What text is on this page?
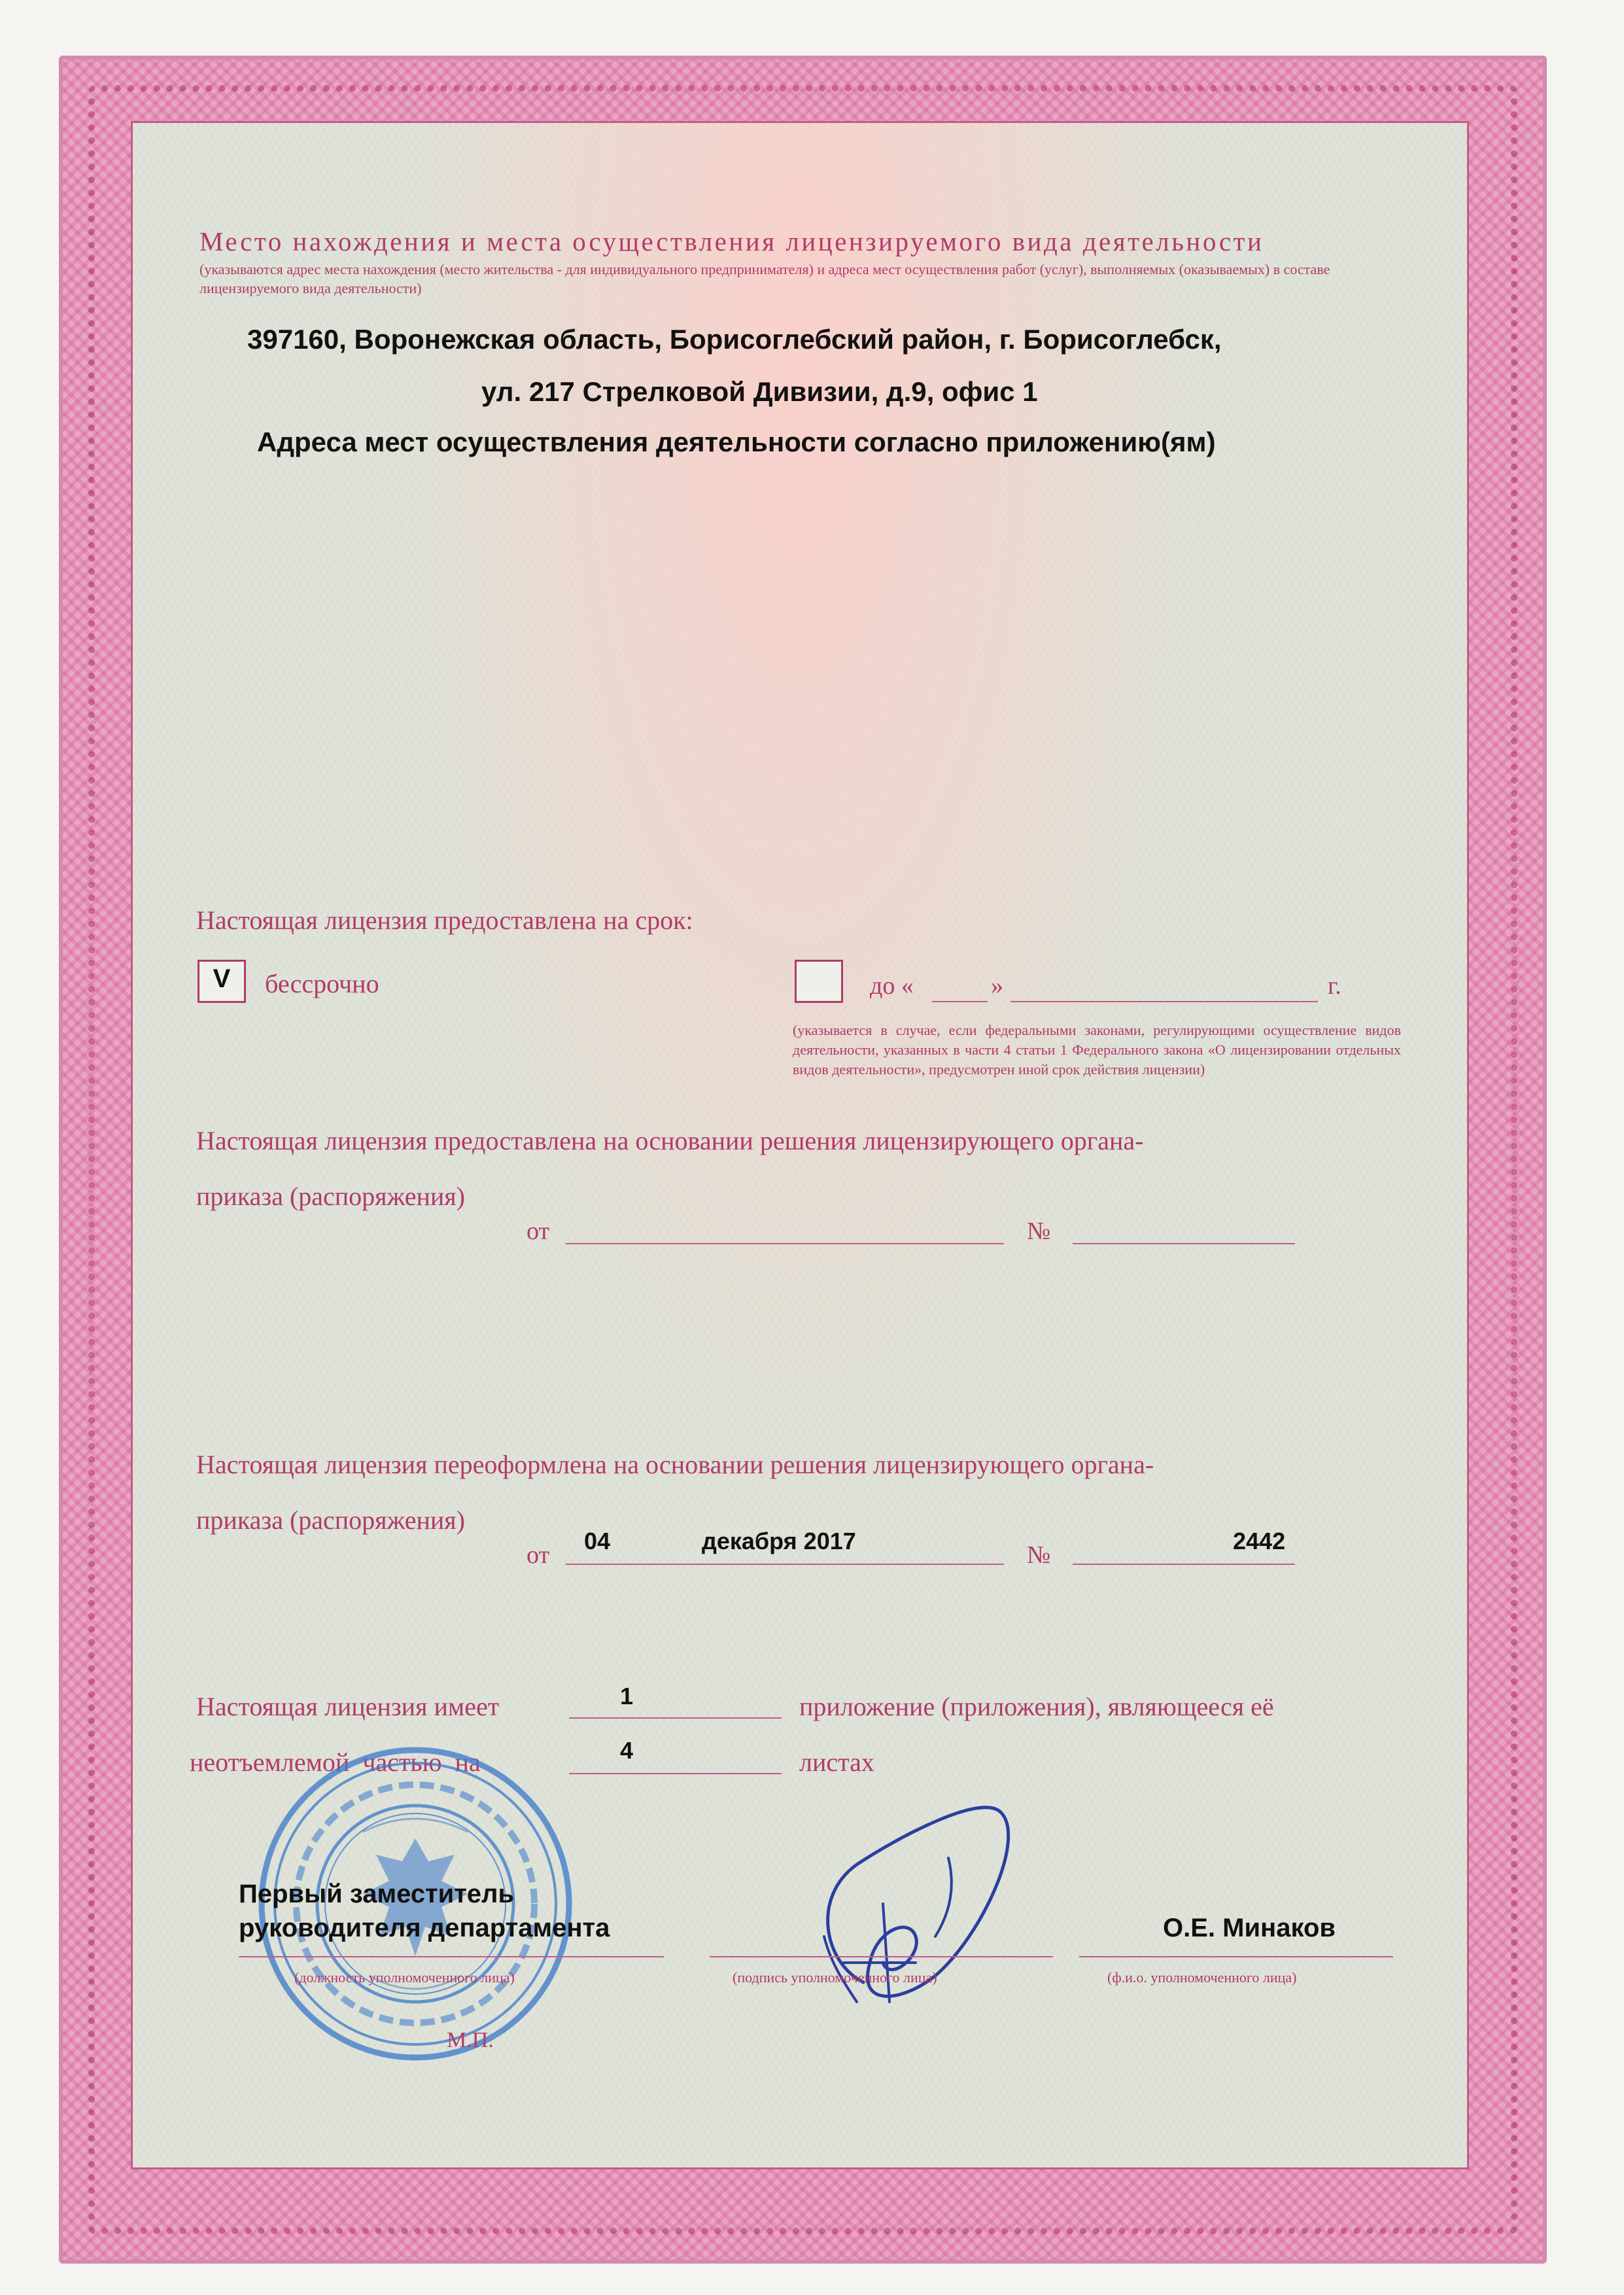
Место нахождения и места осуществления лицензируемого вида деятельности
(указываются адрес места нахождения (место жительства - для индивидуального предпринимателя) и адреса мест осуществления работ (услуг), выполняемых (оказываемых) в составе лицензируемого вида деятельности)
397160, Воронежская область, Борисоглебский район, г. Борисоглебск,
ул. 217 Стрелковой Дивизии, д.9, офис 1
Адреса мест осуществления деятельности согласно приложению(ям)
Настоящая лицензия предоставлена на срок:
V	бессрочно	до «	»	г.
(указывается в случае, если федеральными законами, регулирующими осуществление видов деятельности, указанных в части 4 статьи 1 Федерального закона «О лицензировании отдельных видов деятельности», предусмотрен иной срок действия лицензии)
Настоящая лицензия предоставлена на основании решения лицензирующего органа-
приказа (распоряжения)
от	№
Настоящая лицензия переоформлена на основании решения лицензирующего органа-
приказа (распоряжения)
от
04	декабря 2017
№
2442
Настоящая лицензия имеет	1	приложение (приложения), являющееся её
неотъемлемой частью на	4	листах
Первый заместитель
руководителя департамента	О.Е. Минаков
(должность уполномоченного лица)	(подпись уполномоченного лица)	(ф.и.о. уполномоченного лица)
М.П.
